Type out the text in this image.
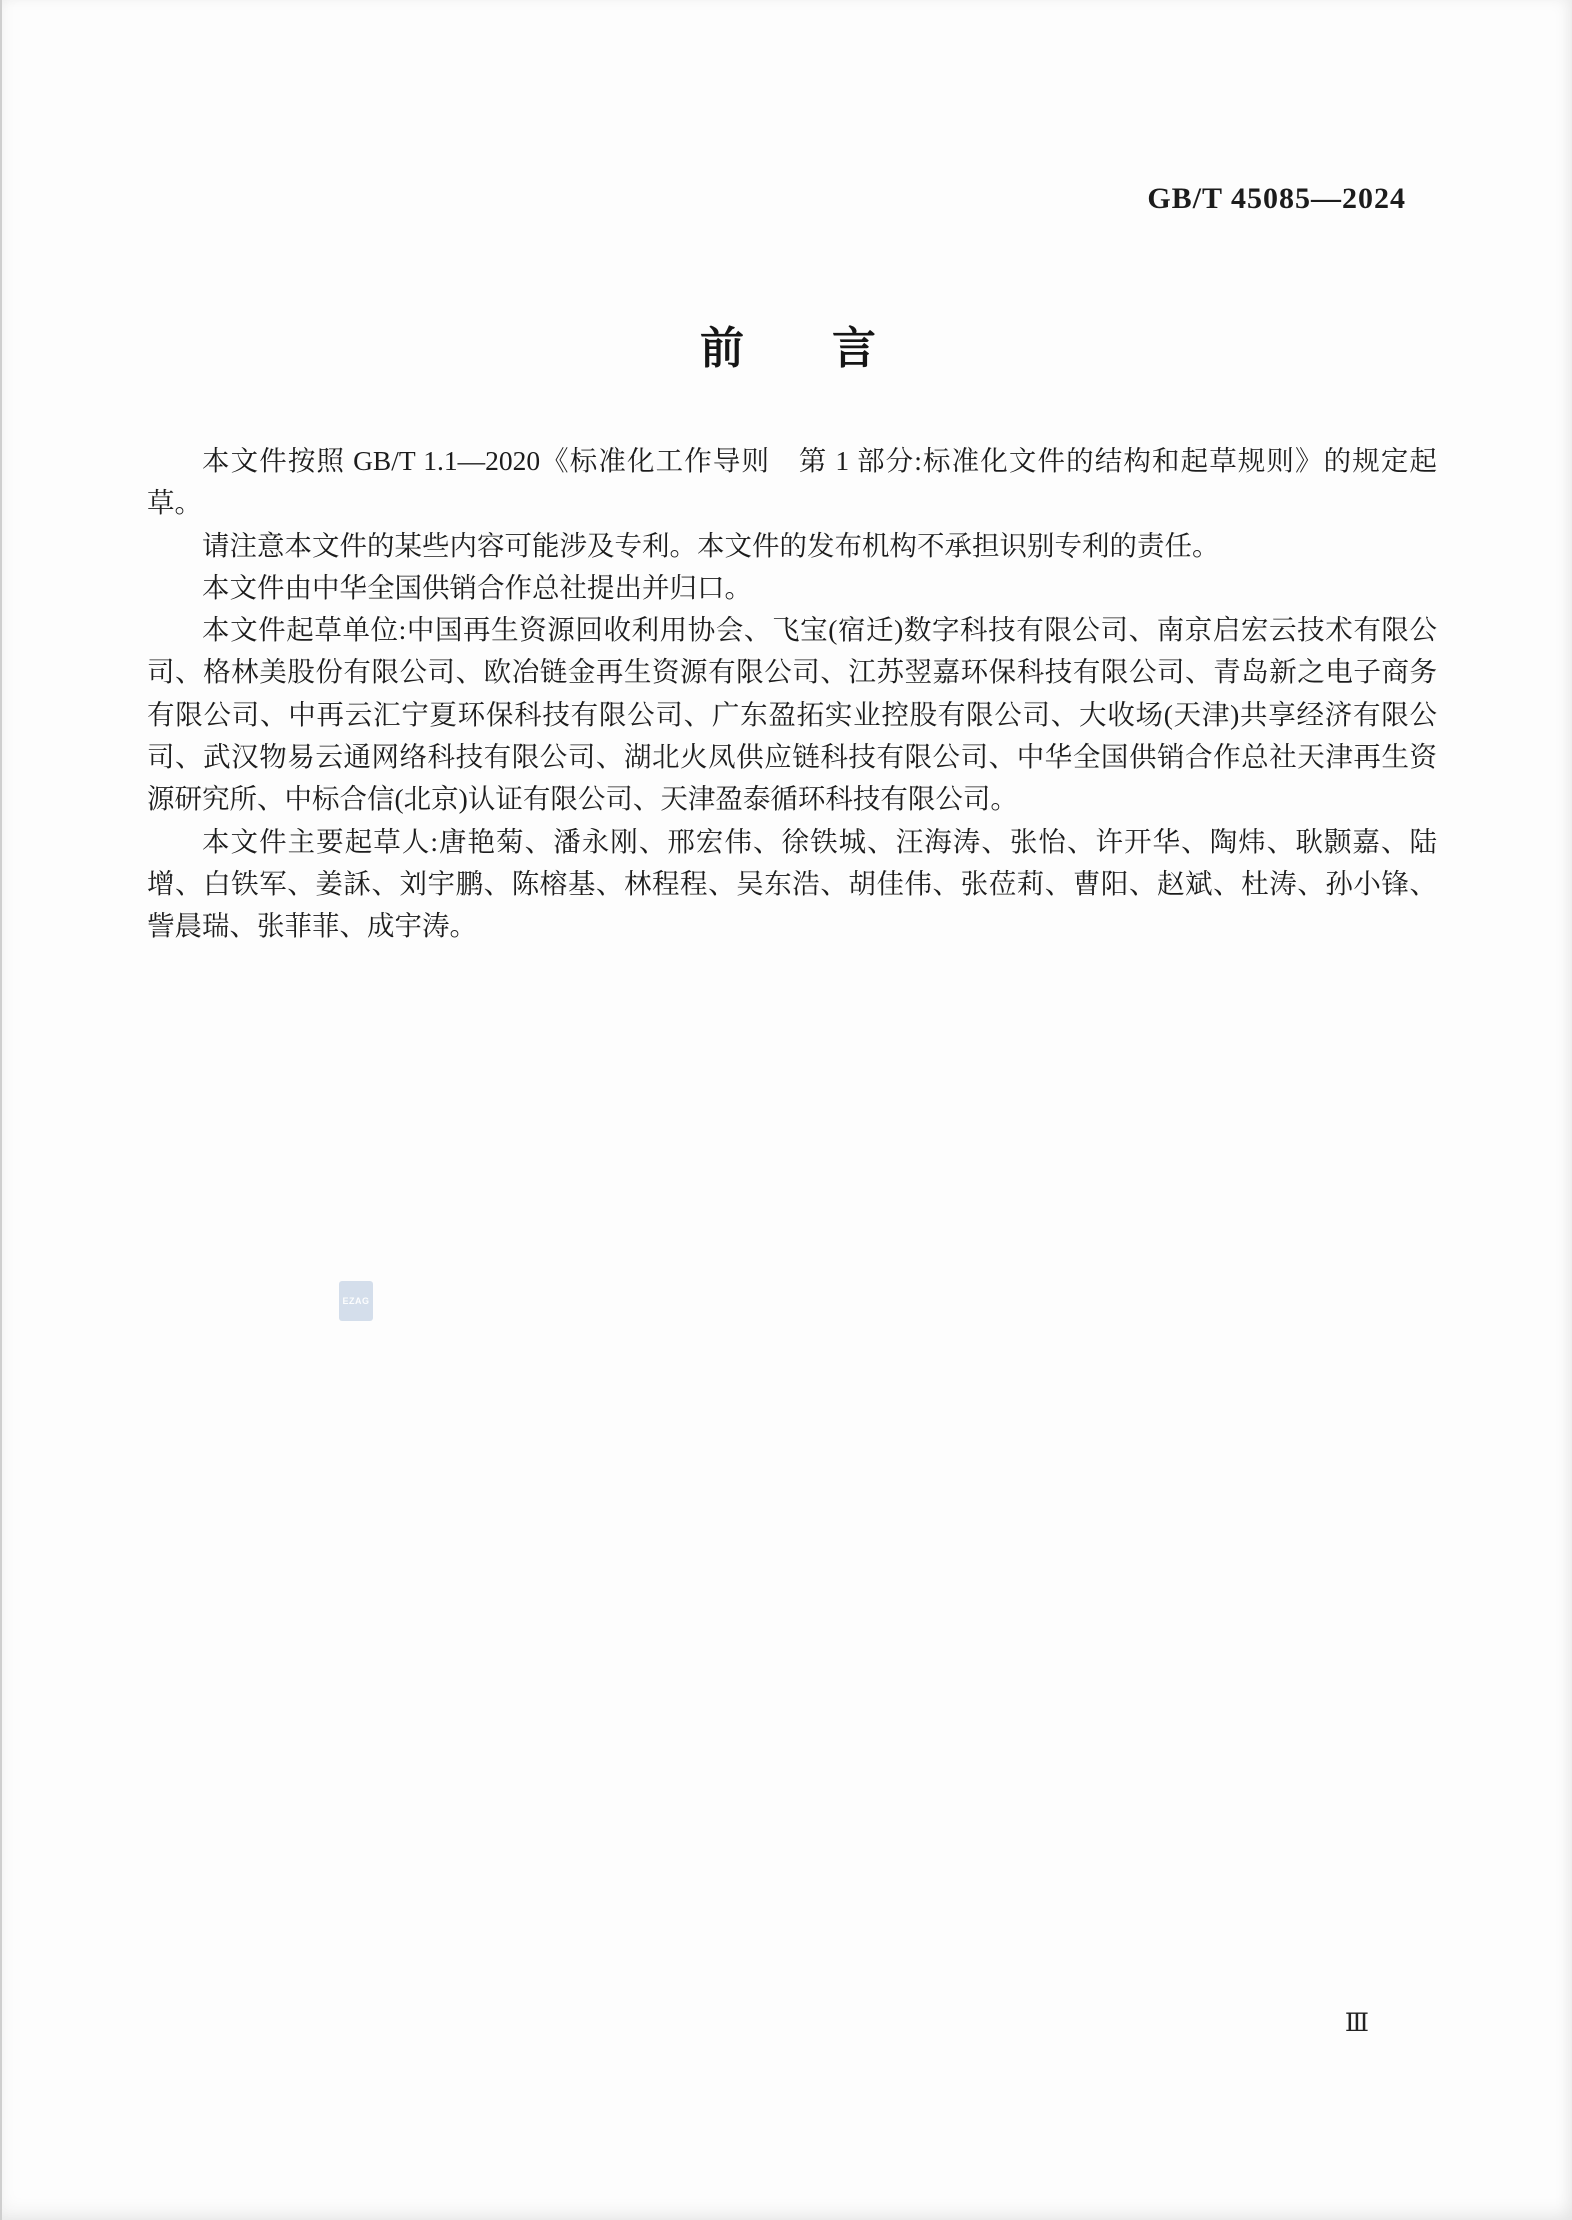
GB/T 45085—2024
前　　言

本文件按照 GB/T 1.1—2020《标准化工作导则　第 1 部分:标准化文件的结构和起草规则》的规定起草。

请注意本文件的某些内容可能涉及专利。本文件的发布机构不承担识别专利的责任。

本文件由中华全国供销合作总社提出并归口。

本文件起草单位:中国再生资源回收利用协会、飞宝(宿迁)数字科技有限公司、南京启宏云技术有限公司、格林美股份有限公司、欧冶链金再生资源有限公司、江苏翌嘉环保科技有限公司、青岛新之电子商务有限公司、中再云汇宁夏环保科技有限公司、广东盈拓实业控股有限公司、大收场(天津)共享经济有限公司、武汉物易云通网络科技有限公司、湖北火凤供应链科技有限公司、中华全国供销合作总社天津再生资源研究所、中标合信(北京)认证有限公司、天津盈泰循环科技有限公司。

本文件主要起草人:唐艳菊、潘永刚、邢宏伟、徐铁城、汪海涛、张怡、许开华、陶炜、耿颢嘉、陆增、白铁军、姜訸、刘宇鹏、陈榕基、林程程、吴东浩、胡佳伟、张莅莉、曹阳、赵斌、杜涛、孙小锋、訾晨瑞、张菲菲、成宇涛。

EZAG
Ⅲ
